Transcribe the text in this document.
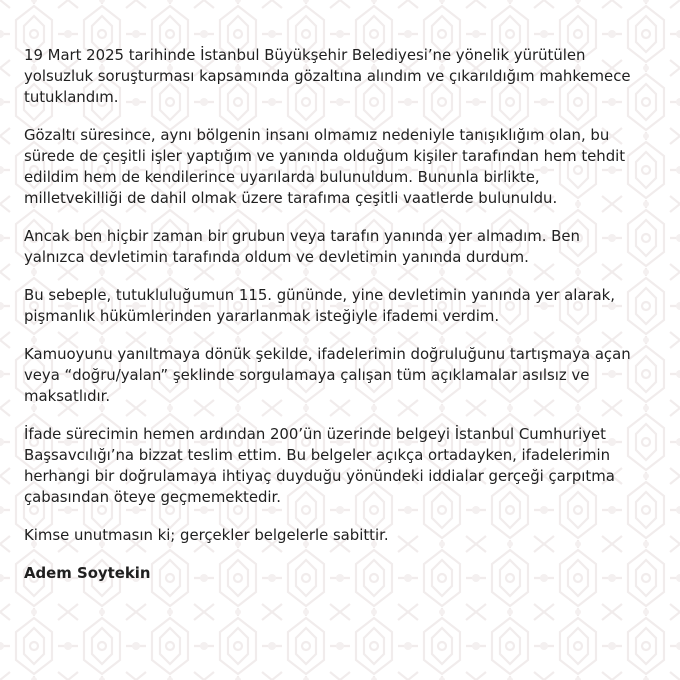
19 Mart 2025 tarihinde İstanbul Büyükşehir Belediyesi’ne yönelik yürütülen yolsuzluk soruşturması kapsamında gözaltına alındım ve çıkarıldığım mahkemece tutuklandım.

Gözaltı süresince, aynı bölgenin insanı olmamız nedeniyle tanışıklığım olan, bu sürede de çeşitli işler yaptığım ve yanında olduğum kişiler tarafından hem tehdit edildim hem de kendilerince uyarılarda bulunuldum. Bununla birlikte, milletvekilliği de dahil olmak üzere tarafıma çeşitli vaatlerde bulunuldu.

Ancak ben hiçbir zaman bir grubun veya tarafın yanında yer almadım. Ben yalnızca devletimin tarafında oldum ve devletimin yanında durdum.

Bu sebeple, tutukluluğumun 115. gününde, yine devletimin yanında yer alarak, pişmanlık hükümlerinden yararlanmak isteğiyle ifademi verdim.

Kamuoyunu yanıltmaya dönük şekilde, ifadelerimin doğruluğunu tartışmaya açan veya “doğru/yalan” şeklinde sorgulamaya çalışan tüm açıklamalar asılsız ve maksatlıdır.

İfade sürecimin hemen ardından 200’ün üzerinde belgeyi İstanbul Cumhuriyet Başsavcılığı’na bizzat teslim ettim. Bu belgeler açıkça ortadayken, ifadelerimin herhangi bir doğrulamaya ihtiyaç duyduğu yönündeki iddialar gerçeği çarpıtma çabasından öteye geçmemektedir.

Kimse unutmasın ki; gerçekler belgelerle sabittir.

Adem Soytekin
